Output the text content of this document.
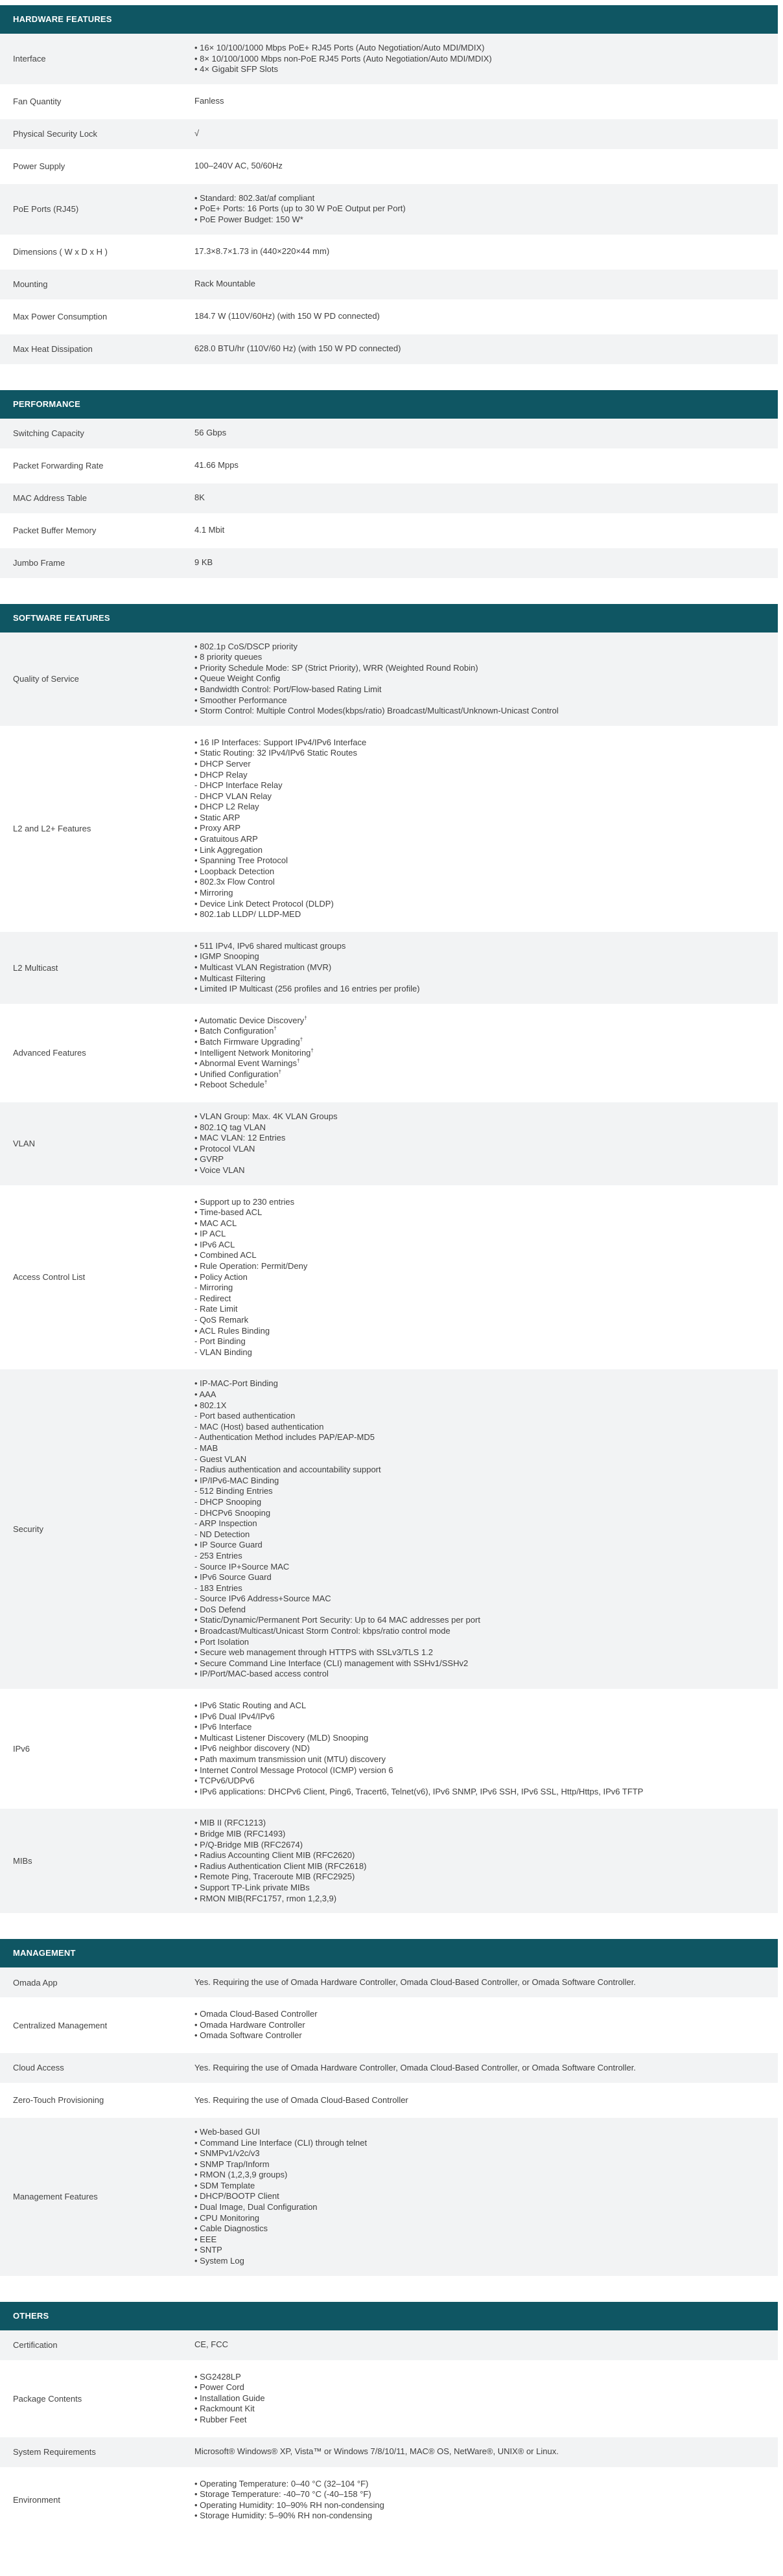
HARDWARE FEATURES
Interface
• 16× 10/100/1000 Mbps PoE+ RJ45 Ports (Auto Negotiation/Auto MDI/MDIX)
• 8× 10/100/1000 Mbps non-PoE RJ45 Ports (Auto Negotiation/Auto MDI/MDIX)
• 4× Gigabit SFP Slots
Fan Quantity	Fanless
Physical Security Lock	√
Power Supply	100–240V AC, 50/60Hz
PoE Ports (RJ45)
• Standard: 802.3at/af compliant
• PoE+ Ports: 16 Ports (up to 30 W PoE Output per Port)
• PoE Power Budget: 150 W*
Dimensions ( W x D x H )	17.3×8.7×1.73 in (440×220×44 mm)
Mounting	Rack Mountable
Max Power Consumption	184.7 W (110V/60Hz) (with 150 W PD connected)
Max Heat Dissipation	628.0 BTU/hr (110V/60 Hz) (with 150 W PD connected)
PERFORMANCE
Switching Capacity	56 Gbps
Packet Forwarding Rate	41.66 Mpps
MAC Address Table	8K
Packet Buffer Memory	4.1 Mbit
Jumbo Frame	9 KB
SOFTWARE FEATURES
Quality of Service
• 802.1p CoS/DSCP priority
• 8 priority queues
• Priority Schedule Mode: SP (Strict Priority), WRR (Weighted Round Robin)
• Queue Weight Config
• Bandwidth Control: Port/Flow-based Rating Limit
• Smoother Performance
• Storm Control: Multiple Control Modes(kbps/ratio) Broadcast/Multicast/Unknown-Unicast Control
L2 and L2+ Features
• 16 IP Interfaces: Support IPv4/IPv6 Interface
• Static Routing: 32 IPv4/IPv6 Static Routes
• DHCP Server
• DHCP Relay
- DHCP Interface Relay
- DHCP VLAN Relay
• DHCP L2 Relay
• Static ARP
• Proxy ARP
• Gratuitous ARP
• Link Aggregation
• Spanning Tree Protocol
• Loopback Detection
• 802.3x Flow Control
• Mirroring
• Device Link Detect Protocol (DLDP)
• 802.1ab LLDP/ LLDP-MED
L2 Multicast
• 511 IPv4, IPv6 shared multicast groups
• IGMP Snooping
• Multicast VLAN Registration (MVR)
• Multicast Filtering
• Limited IP Multicast (256 profiles and 16 entries per profile)
Advanced Features
• Automatic Device Discovery†
• Batch Configuration†
• Batch Firmware Upgrading†
• Intelligent Network Monitoring†
• Abnormal Event Warnings†
• Unified Configuration†
• Reboot Schedule†
VLAN
• VLAN Group: Max. 4K VLAN Groups
• 802.1Q tag VLAN
• MAC VLAN: 12 Entries
• Protocol VLAN
• GVRP
• Voice VLAN
Access Control List
• Support up to 230 entries
• Time-based ACL
• MAC ACL
• IP ACL
• IPv6 ACL
• Combined ACL
• Rule Operation: Permit/Deny
• Policy Action
- Mirroring
- Redirect
- Rate Limit
- QoS Remark
• ACL Rules Binding
- Port Binding
- VLAN Binding
Security
• IP-MAC-Port Binding
• AAA
• 802.1X
- Port based authentication
- MAC (Host) based authentication
- Authentication Method includes PAP/EAP-MD5
- MAB
- Guest VLAN
- Radius authentication and accountability support
• IP/IPv6-MAC Binding
- 512 Binding Entries
- DHCP Snooping
- DHCPv6 Snooping
- ARP Inspection
- ND Detection
• IP Source Guard
- 253 Entries
- Source IP+Source MAC
• IPv6 Source Guard
- 183 Entries
- Source IPv6 Address+Source MAC
• DoS Defend
• Static/Dynamic/Permanent Port Security: Up to 64 MAC addresses per port
• Broadcast/Multicast/Unicast Storm Control: kbps/ratio control mode
• Port Isolation
• Secure web management through HTTPS with SSLv3/TLS 1.2
• Secure Command Line Interface (CLI) management with SSHv1/SSHv2
• IP/Port/MAC-based access control
IPv6
• IPv6 Static Routing and ACL
• IPv6 Dual IPv4/IPv6
• IPv6 Interface
• Multicast Listener Discovery (MLD) Snooping
• IPv6 neighbor discovery (ND)
• Path maximum transmission unit (MTU) discovery
• Internet Control Message Protocol (ICMP) version 6
• TCPv6/UDPv6
• IPv6 applications: DHCPv6 Client, Ping6, Tracert6, Telnet(v6), IPv6 SNMP, IPv6 SSH, IPv6 SSL, Http/Https, IPv6 TFTP
MIBs
• MIB II (RFC1213)
• Bridge MIB (RFC1493)
• P/Q-Bridge MIB (RFC2674)
• Radius Accounting Client MIB (RFC2620)
• Radius Authentication Client MIB (RFC2618)
• Remote Ping, Traceroute MIB (RFC2925)
• Support TP-Link private MIBs
• RMON MIB(RFC1757, rmon 1,2,3,9)
MANAGEMENT
Omada App	Yes. Requiring the use of Omada Hardware Controller, Omada Cloud-Based Controller, or Omada Software Controller.
Centralized Management
• Omada Cloud-Based Controller
• Omada Hardware Controller
• Omada Software Controller
Cloud Access	Yes. Requiring the use of Omada Hardware Controller, Omada Cloud-Based Controller, or Omada Software Controller.
Zero-Touch Provisioning	Yes. Requiring the use of Omada Cloud-Based Controller
Management Features
• Web-based GUI
• Command Line Interface (CLI) through telnet
• SNMPv1/v2c/v3
• SNMP Trap/Inform
• RMON (1,2,3,9 groups)
• SDM Template
• DHCP/BOOTP Client
• Dual Image, Dual Configuration
• CPU Monitoring
• Cable Diagnostics
• EEE
• SNTP
• System Log
OTHERS
Certification	CE, FCC
Package Contents
• SG2428LP
• Power Cord
• Installation Guide
• Rackmount Kit
• Rubber Feet
System Requirements	Microsoft® Windows® XP, Vista™ or Windows 7/8/10/11, MAC® OS, NetWare®, UNIX® or Linux.
Environment
• Operating Temperature: 0–40 °C (32–104 °F)
• Storage Temperature: -40–70 °C (-40–158 °F)
• Operating Humidity: 10–90% RH non-condensing
• Storage Humidity: 5–90% RH non-condensing
